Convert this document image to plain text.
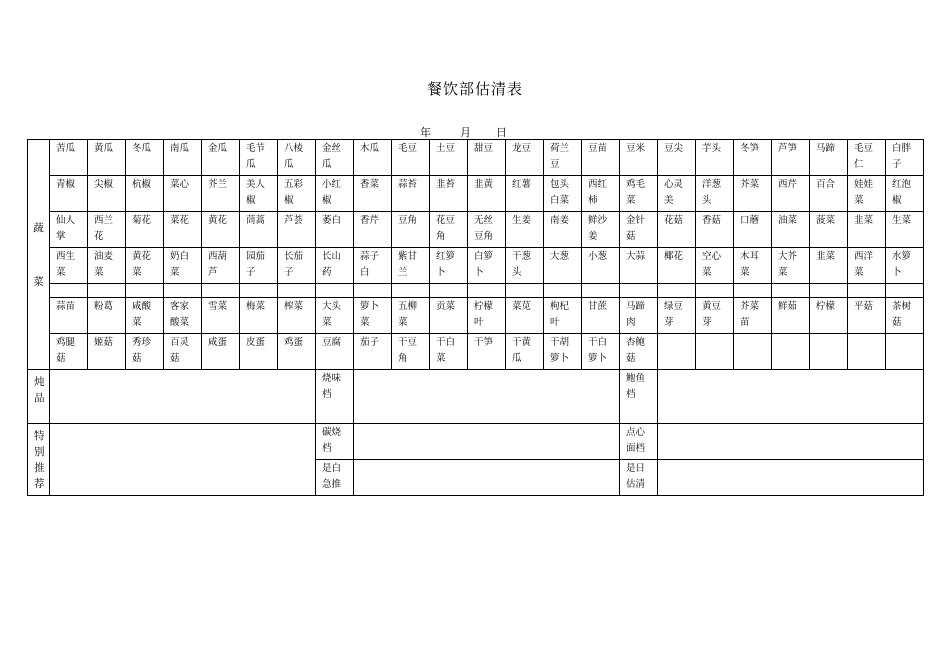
餐饮部估清表
年	月 日
蔬
菜	苦瓜	黄瓜	冬瓜	南瓜	金瓜	毛节瓜	八棱瓜	金丝瓜	木瓜	毛豆	土豆	甜豆	龙豆	荷兰豆	豆苗	豆米	豆尖	芋头	冬笋	芦笋	马蹄	毛豆仁	白胖子
	青椒	尖椒	杭椒	菜心	芥兰	美人椒	五彩椒	小红椒	香菜	蒜苔	韭苔	韭黄	红薯	包头白菜	西红柿	鸡毛菜	心灵美	洋葱头	芥菜	西芹	百合	娃娃菜	红泡椒
	仙人掌	西兰花	菊花	菜花	黄花	茼蒿	芦荟	萎白	香芹	豆角	花豆角	无丝豆角	生姜	南姜	鲜沙姜	金针菇	花菇	香菇	口蘑	油菜	菠菜	韭菜	生菜
	西生菜	油麦菜	黄花菜	奶白菜	西葫芦	园茄子	长茄子	长山药	蒜子白	紫甘兰	红箩卜	白箩卜	干葱头	大葱	小葱	大蒜	椰花	空心菜	木耳菜	大芥菜	韭菜	西洋菜	水箩卜

	蒜苗	粉葛	咸酸菜	客家酸菜	雪菜	梅菜	榨菜	大头菜	箩卜菜	五柳菜	贡菜	柠檬叶	菜苋	枸杞叶	甘蔗	马蹄肉	绿豆芽	黄豆芽	芥菜苗	鲜茹	柠檬	平菇	茶树菇
	鸡腿菇	姬菇	秀珍菇	百灵菇	咸蛋	皮蛋	鸡蛋	豆腐	茄子	干豆角	干白菜	干笋	干黄瓜	干胡箩卜	干白箩卜	杏鲍菇							
炖品								烧味档								鲍鱼档							
特别推荐								碳烧档								点心面档							
								是白急推								是日估清							
